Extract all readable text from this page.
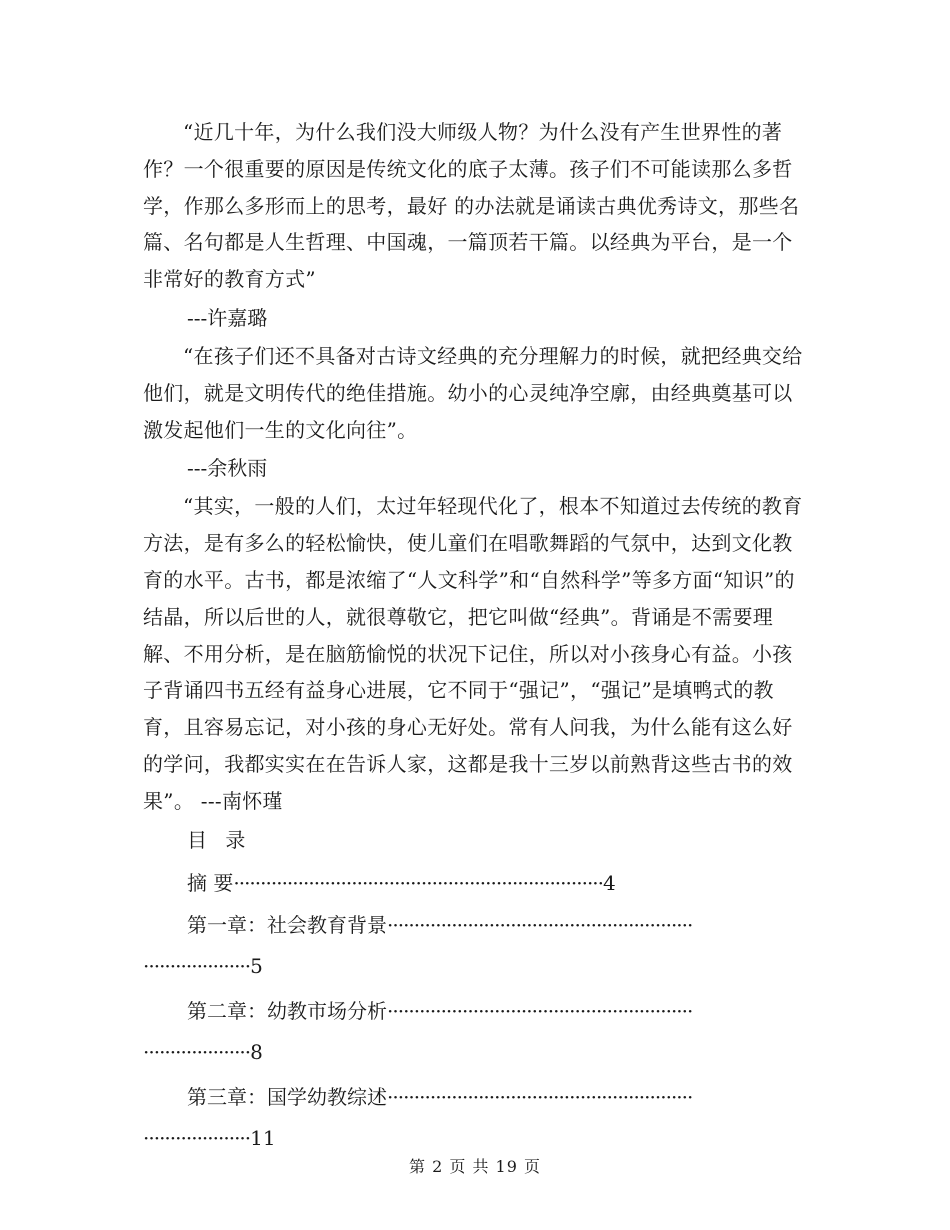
“近几十年，为什么我们没大师级人物？为什么没有产生世界性的著作？一个很重要的原因是传统文化的底子太薄。孩子们不可能读那么多哲学，作那么多形而上的思考，最好 的办法就是诵读古典优秀诗文，那些名篇、名句都是人生哲理、中国魂，一篇顶若干篇。以经典为平台，是一个非常好的教育方式”

---许嘉璐

“在孩子们还不具备对古诗文经典的充分理解力的时候，就把经典交给他们，就是文明传代的绝佳措施。幼小的心灵纯净空廓，由经典奠基可以激发起他们一生的文化向往”。

---余秋雨

“其实，一般的人们，太过年轻现代化了，根本不知道过去传统的教育方法，是有多么的轻松愉快，使儿童们在唱歌舞蹈的气氛中，达到文化教育的水平。古书，都是浓缩了“人文科学”和“自然科学”等多方面“知识”的结晶，所以后世的人，就很尊敬它，把它叫做“经典”。背诵是不需要理解、不用分析，是在脑筋愉悦的状况下记住，所以对小孩身心有益。小孩子背诵四书五经有益身心进展，它不同于“强记”，“强记”是填鸭式的教育，且容易忘记，对小孩的身心无好处。常有人问我，为什么能有这么好的学问，我都实实在在告诉人家，这都是我十三岁以前熟背这些古书的效果”。 ---南怀瑾

目 录

摘 要·····································································4

第一章：社会教育背景·························································

····················5

第二章：幼教市场分析·························································

····················8

第三章：国学幼教综述·························································

····················11

第 2 页 共 19 页
